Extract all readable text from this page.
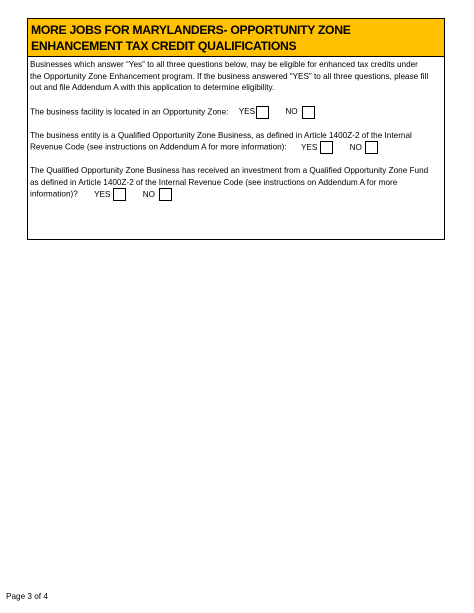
MORE JOBS FOR MARYLANDERS- OPPORTUNITY ZONE
ENHANCEMENT TAX CREDIT QUALIFICATIONS

Businesses which answer “Yes” to all three questions below, may be eligible for enhanced tax credits under
the Opportunity Zone Enhancement program. If the business answered “YES” to all three questions, please fill
out and file Addendum A with this application to determine eligibility.

The business facility is located in an Opportunity Zone: YES	NO

The business entity is a Qualified Opportunity Zone Business, as defined in Article 1400Z-2 of the Internal
Revenue Code (see instructions on Addendum A for more information): YES	NO

The Qualified Opportunity Zone Business has received an investment from a Qualified Opportunity Zone Fund
as defined in Article 1400Z-2 of the Internal Revenue Code (see instructions on Addendum A for more
information)? YES	NO

Page 3 of 4
